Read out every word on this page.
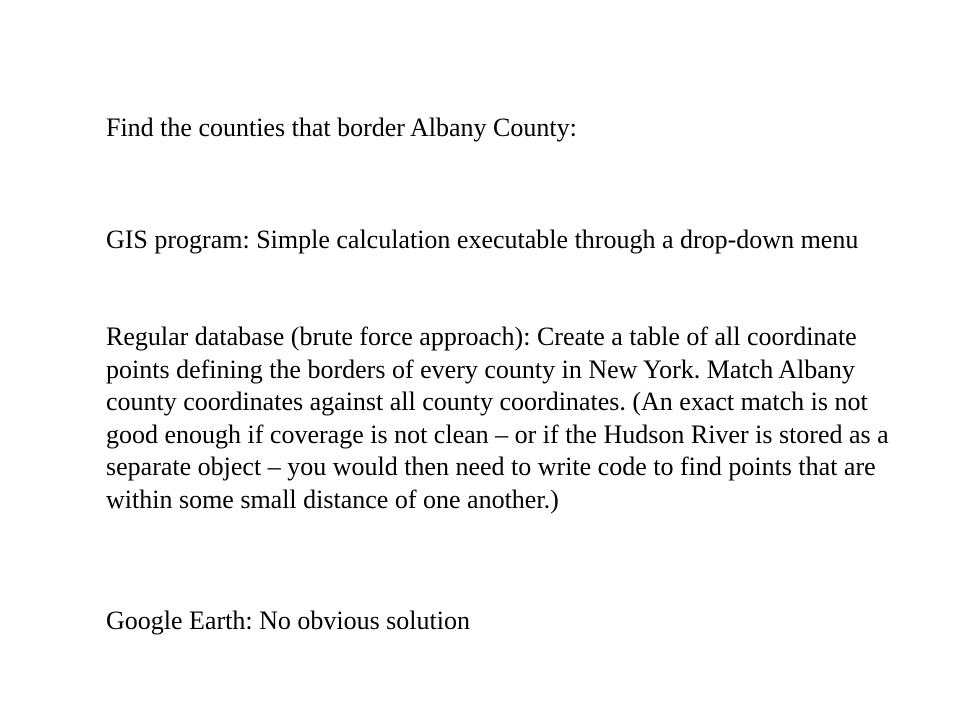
Find the counties that border Albany County:

GIS program: Simple calculation executable through a drop-down menu

Regular database (brute force approach): Create a table of all coordinate points defining the borders of every county in New York. Match Albany county coordinates against all county coordinates. (An exact match is not good enough if coverage is not clean – or if the Hudson River is stored as a separate object – you would then need to write code to find points that are within some small distance of one another.)

Google Earth: No obvious solution
